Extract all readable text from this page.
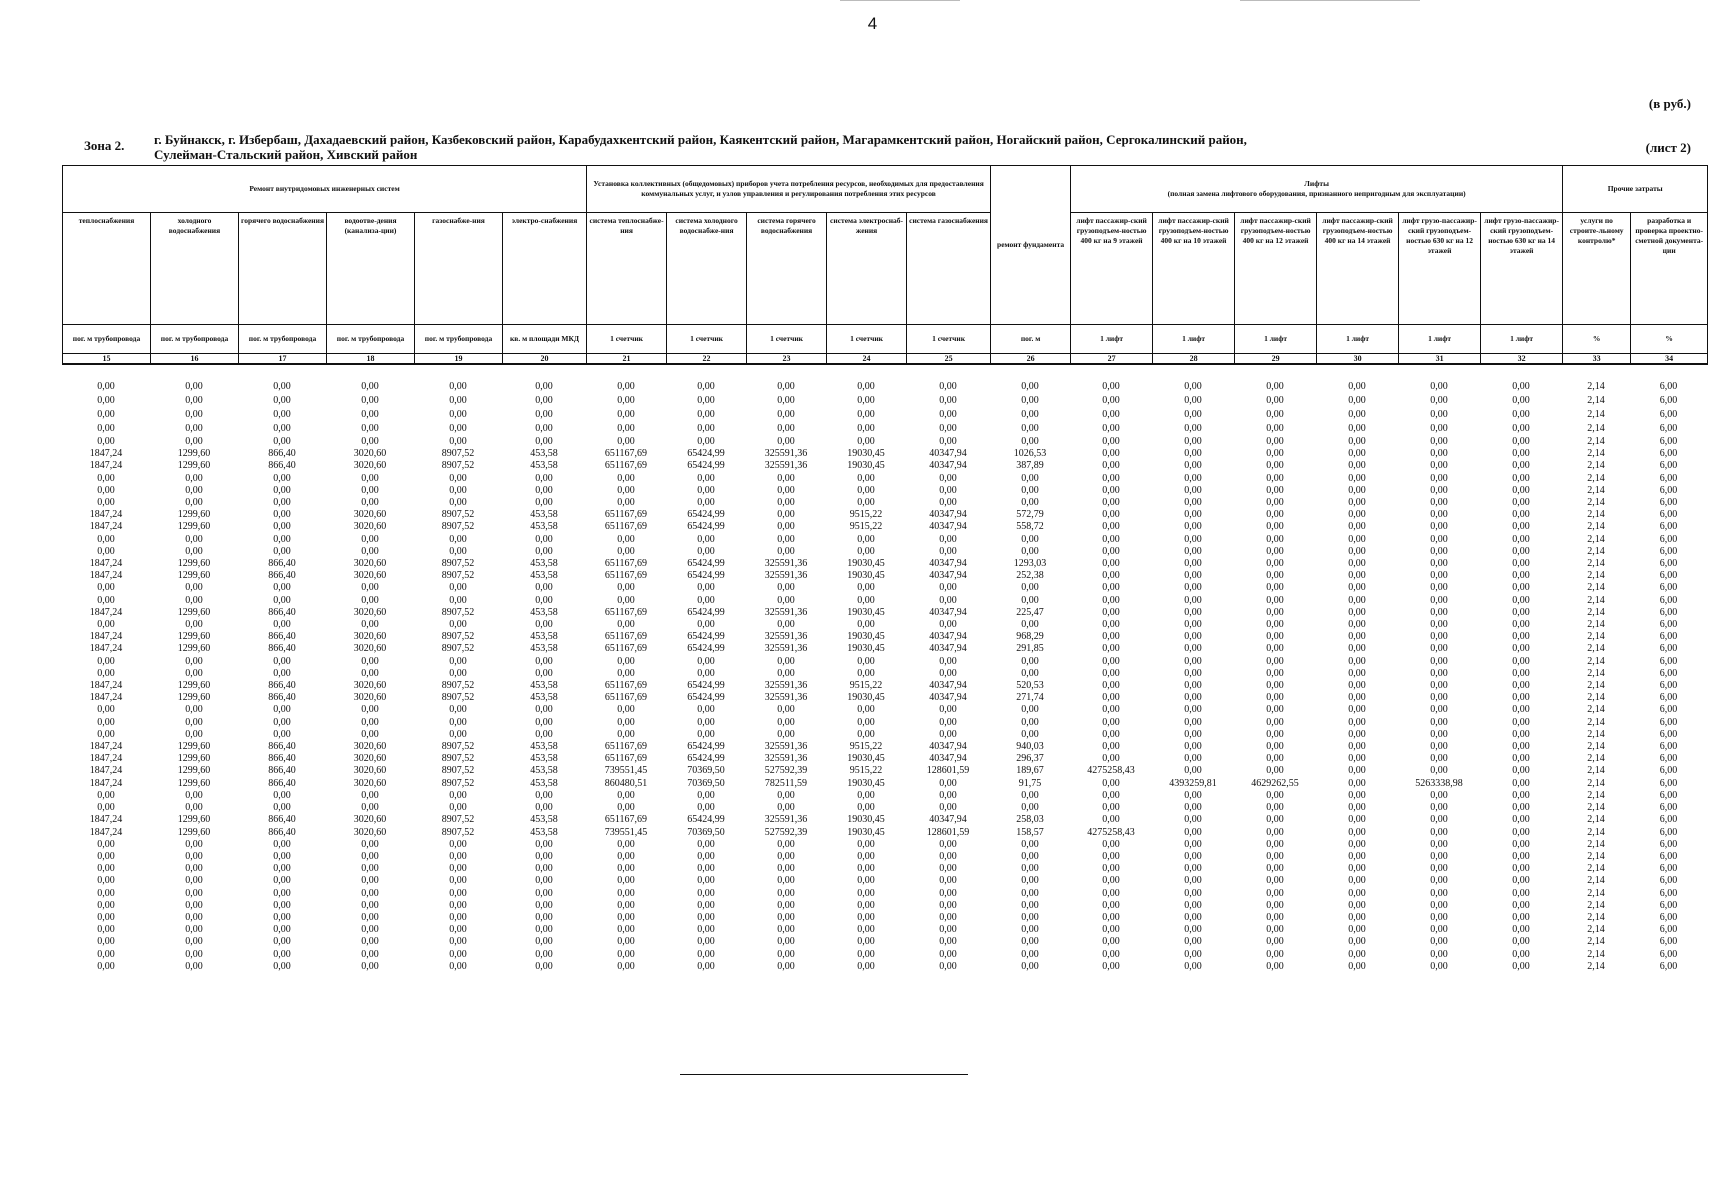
4
(в руб.)
(лист 2)
Зона 2. г. Буйнакск, г. Избербаш, Дахадаевский район, Казбековский район, Карабудахкентский район, Каякентский район, Магарамкентский район, Ногайский район, Сергокалинский район,
Сулейман-Стальский район, Хивский район
Ремонт внутридомовых инженерных систем						Установка коллективных (общедомовых) приборов учета потребления ресурсов, необходимых для предоставления коммунальных услуг, и узлов управления и регулирования потребления этих ресурсов					ремонт фундамента	Лифты
(полная замена лифтового оборудования, признанного непригодным для эксплуатации)						Прочие затраты	
теплоснабжения	холодного водоснабжения	горячего водоснабжения	водоотве-дения (канализа-ции)	газоснабже-ния	электро-снабжения	система теплоснабже-ния	система холодного водоснабже-ния	система горячего водоснабжения	система электроснаб-жения	система газоснабжения		лифт пассажир-ский грузоподъем-ностью 400 кг на 9 этажей	лифт пассажир-ский грузоподъем-ностью 400 кг на 10 этажей	лифт пассажир-ский грузоподъем-ностью 400 кг на 12 этажей	лифт пассажир-ский грузоподъем-ностью 400 кг на 14 этажей	лифт грузо-пассажир-ский грузоподъем-ностью 630 кг на 12 этажей	лифт грузо-пассажир-ский грузоподъем-ностью 630 кг на 14 этажей	услуги по строите-льному контролю*	разработка и проверка проектно-сметной документа-ции
пог. м трубопровода	пог. м трубопровода	пог. м трубопровода	пог. м трубопровода	пог. м трубопровода	кв. м площади МКД	1 счетчик	1 счетчик	1 счетчик	1 счетчик	1 счетчик	пог. м	1 лифт	1 лифт	1 лифт	1 лифт	1 лифт	1 лифт	%	%
15	16	17	18	19	20	21	22	23	24	25	26	27	28	29	30	31	32	33	34
0,00	0,00	0,00	0,00	0,00	0,00	0,00	0,00	0,00	0,00	0,00	0,00	0,00	0,00	0,00	0,00	0,00	0,00	2,14	6,00
0,00	0,00	0,00	0,00	0,00	0,00	0,00	0,00	0,00	0,00	0,00	0,00	0,00	0,00	0,00	0,00	0,00	0,00	2,14	6,00
0,00	0,00	0,00	0,00	0,00	0,00	0,00	0,00	0,00	0,00	0,00	0,00	0,00	0,00	0,00	0,00	0,00	0,00	2,14	6,00
0,00	0,00	0,00	0,00	0,00	0,00	0,00	0,00	0,00	0,00	0,00	0,00	0,00	0,00	0,00	0,00	0,00	0,00	2,14	6,00
0,00	0,00	0,00	0,00	0,00	0,00	0,00	0,00	0,00	0,00	0,00	0,00	0,00	0,00	0,00	0,00	0,00	0,00	2,14	6,00
1847,24	1299,60	866,40	3020,60	8907,52	453,58	651167,69	65424,99	325591,36	19030,45	40347,94	1026,53	0,00	0,00	0,00	0,00	0,00	0,00	2,14	6,00
1847,24	1299,60	866,40	3020,60	8907,52	453,58	651167,69	65424,99	325591,36	19030,45	40347,94	387,89	0,00	0,00	0,00	0,00	0,00	0,00	2,14	6,00
0,00	0,00	0,00	0,00	0,00	0,00	0,00	0,00	0,00	0,00	0,00	0,00	0,00	0,00	0,00	0,00	0,00	0,00	2,14	6,00
0,00	0,00	0,00	0,00	0,00	0,00	0,00	0,00	0,00	0,00	0,00	0,00	0,00	0,00	0,00	0,00	0,00	0,00	2,14	6,00
0,00	0,00	0,00	0,00	0,00	0,00	0,00	0,00	0,00	0,00	0,00	0,00	0,00	0,00	0,00	0,00	0,00	0,00	2,14	6,00
1847,24	1299,60	0,00	3020,60	8907,52	453,58	651167,69	65424,99	0,00	9515,22	40347,94	572,79	0,00	0,00	0,00	0,00	0,00	0,00	2,14	6,00
1847,24	1299,60	0,00	3020,60	8907,52	453,58	651167,69	65424,99	0,00	9515,22	40347,94	558,72	0,00	0,00	0,00	0,00	0,00	0,00	2,14	6,00
0,00	0,00	0,00	0,00	0,00	0,00	0,00	0,00	0,00	0,00	0,00	0,00	0,00	0,00	0,00	0,00	0,00	0,00	2,14	6,00
0,00	0,00	0,00	0,00	0,00	0,00	0,00	0,00	0,00	0,00	0,00	0,00	0,00	0,00	0,00	0,00	0,00	0,00	2,14	6,00
1847,24	1299,60	866,40	3020,60	8907,52	453,58	651167,69	65424,99	325591,36	19030,45	40347,94	1293,03	0,00	0,00	0,00	0,00	0,00	0,00	2,14	6,00
1847,24	1299,60	866,40	3020,60	8907,52	453,58	651167,69	65424,99	325591,36	19030,45	40347,94	252,38	0,00	0,00	0,00	0,00	0,00	0,00	2,14	6,00
0,00	0,00	0,00	0,00	0,00	0,00	0,00	0,00	0,00	0,00	0,00	0,00	0,00	0,00	0,00	0,00	0,00	0,00	2,14	6,00
0,00	0,00	0,00	0,00	0,00	0,00	0,00	0,00	0,00	0,00	0,00	0,00	0,00	0,00	0,00	0,00	0,00	0,00	2,14	6,00
1847,24	1299,60	866,40	3020,60	8907,52	453,58	651167,69	65424,99	325591,36	19030,45	40347,94	225,47	0,00	0,00	0,00	0,00	0,00	0,00	2,14	6,00
0,00	0,00	0,00	0,00	0,00	0,00	0,00	0,00	0,00	0,00	0,00	0,00	0,00	0,00	0,00	0,00	0,00	0,00	2,14	6,00
1847,24	1299,60	866,40	3020,60	8907,52	453,58	651167,69	65424,99	325591,36	19030,45	40347,94	968,29	0,00	0,00	0,00	0,00	0,00	0,00	2,14	6,00
1847,24	1299,60	866,40	3020,60	8907,52	453,58	651167,69	65424,99	325591,36	19030,45	40347,94	291,85	0,00	0,00	0,00	0,00	0,00	0,00	2,14	6,00
0,00	0,00	0,00	0,00	0,00	0,00	0,00	0,00	0,00	0,00	0,00	0,00	0,00	0,00	0,00	0,00	0,00	0,00	2,14	6,00
0,00	0,00	0,00	0,00	0,00	0,00	0,00	0,00	0,00	0,00	0,00	0,00	0,00	0,00	0,00	0,00	0,00	0,00	2,14	6,00
1847,24	1299,60	866,40	3020,60	8907,52	453,58	651167,69	65424,99	325591,36	9515,22	40347,94	520,53	0,00	0,00	0,00	0,00	0,00	0,00	2,14	6,00
1847,24	1299,60	866,40	3020,60	8907,52	453,58	651167,69	65424,99	325591,36	19030,45	40347,94	271,74	0,00	0,00	0,00	0,00	0,00	0,00	2,14	6,00
0,00	0,00	0,00	0,00	0,00	0,00	0,00	0,00	0,00	0,00	0,00	0,00	0,00	0,00	0,00	0,00	0,00	0,00	2,14	6,00
0,00	0,00	0,00	0,00	0,00	0,00	0,00	0,00	0,00	0,00	0,00	0,00	0,00	0,00	0,00	0,00	0,00	0,00	2,14	6,00
0,00	0,00	0,00	0,00	0,00	0,00	0,00	0,00	0,00	0,00	0,00	0,00	0,00	0,00	0,00	0,00	0,00	0,00	2,14	6,00
1847,24	1299,60	866,40	3020,60	8907,52	453,58	651167,69	65424,99	325591,36	9515,22	40347,94	940,03	0,00	0,00	0,00	0,00	0,00	0,00	2,14	6,00
1847,24	1299,60	866,40	3020,60	8907,52	453,58	651167,69	65424,99	325591,36	19030,45	40347,94	296,37	0,00	0,00	0,00	0,00	0,00	0,00	2,14	6,00
1847,24	1299,60	866,40	3020,60	8907,52	453,58	739551,45	70369,50	527592,39	9515,22	128601,59	189,67	4275258,43	0,00	0,00	0,00	0,00	0,00	2,14	6,00
1847,24	1299,60	866,40	3020,60	8907,52	453,58	860480,51	70369,50	782511,59	19030,45	0,00	91,75	0,00	4393259,81	4629262,55	0,00	5263338,98	0,00	2,14	6,00
0,00	0,00	0,00	0,00	0,00	0,00	0,00	0,00	0,00	0,00	0,00	0,00	0,00	0,00	0,00	0,00	0,00	0,00	2,14	6,00
0,00	0,00	0,00	0,00	0,00	0,00	0,00	0,00	0,00	0,00	0,00	0,00	0,00	0,00	0,00	0,00	0,00	0,00	2,14	6,00
1847,24	1299,60	866,40	3020,60	8907,52	453,58	651167,69	65424,99	325591,36	19030,45	40347,94	258,03	0,00	0,00	0,00	0,00	0,00	0,00	2,14	6,00
1847,24	1299,60	866,40	3020,60	8907,52	453,58	739551,45	70369,50	527592,39	19030,45	128601,59	158,57	4275258,43	0,00	0,00	0,00	0,00	0,00	2,14	6,00
0,00	0,00	0,00	0,00	0,00	0,00	0,00	0,00	0,00	0,00	0,00	0,00	0,00	0,00	0,00	0,00	0,00	0,00	2,14	6,00
0,00	0,00	0,00	0,00	0,00	0,00	0,00	0,00	0,00	0,00	0,00	0,00	0,00	0,00	0,00	0,00	0,00	0,00	2,14	6,00
0,00	0,00	0,00	0,00	0,00	0,00	0,00	0,00	0,00	0,00	0,00	0,00	0,00	0,00	0,00	0,00	0,00	0,00	2,14	6,00
0,00	0,00	0,00	0,00	0,00	0,00	0,00	0,00	0,00	0,00	0,00	0,00	0,00	0,00	0,00	0,00	0,00	0,00	2,14	6,00
0,00	0,00	0,00	0,00	0,00	0,00	0,00	0,00	0,00	0,00	0,00	0,00	0,00	0,00	0,00	0,00	0,00	0,00	2,14	6,00
0,00	0,00	0,00	0,00	0,00	0,00	0,00	0,00	0,00	0,00	0,00	0,00	0,00	0,00	0,00	0,00	0,00	0,00	2,14	6,00
0,00	0,00	0,00	0,00	0,00	0,00	0,00	0,00	0,00	0,00	0,00	0,00	0,00	0,00	0,00	0,00	0,00	0,00	2,14	6,00
0,00	0,00	0,00	0,00	0,00	0,00	0,00	0,00	0,00	0,00	0,00	0,00	0,00	0,00	0,00	0,00	0,00	0,00	2,14	6,00
0,00	0,00	0,00	0,00	0,00	0,00	0,00	0,00	0,00	0,00	0,00	0,00	0,00	0,00	0,00	0,00	0,00	0,00	2,14	6,00
0,00	0,00	0,00	0,00	0,00	0,00	0,00	0,00	0,00	0,00	0,00	0,00	0,00	0,00	0,00	0,00	0,00	0,00	2,14	6,00
0,00	0,00	0,00	0,00	0,00	0,00	0,00	0,00	0,00	0,00	0,00	0,00	0,00	0,00	0,00	0,00	0,00	0,00	2,14	6,00
